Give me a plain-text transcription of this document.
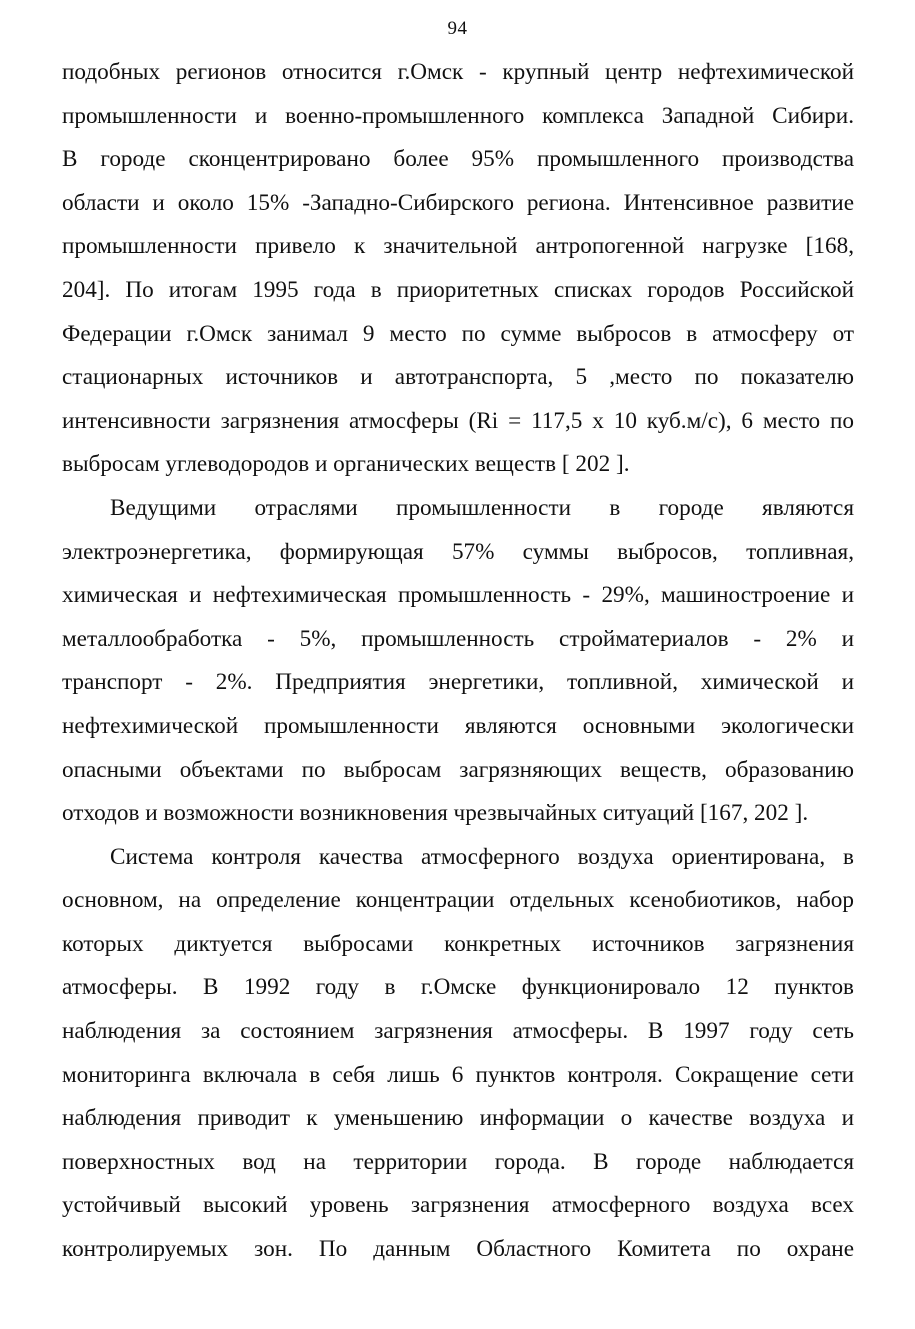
94
подобных регионов относится г.Омск - крупный центр нефтехимической
промышленности и военно-промышленного комплекса Западной Сибири.
В городе сконцентрировано более 95% промышленного производства
области и около 15% -Западно-Сибирского региона. Интенсивное развитие
промышленности привело к значительной антропогенной нагрузке [168,
204]. По итогам 1995 года в приоритетных списках городов Российской
Федерации г.Омск занимал 9 место по сумме выбросов в атмосферу от
стационарных источников и автотранспорта, 5 ,место по показателю
интенсивности загрязнения атмосферы (Ri = 117,5 х 10 куб.м/с), 6 место по
выбросам углеводородов и органических веществ [ 202 ].
Ведущими отраслями промышленности в городе являются
электроэнергетика, формирующая 57% суммы выбросов, топливная,
химическая и нефтехимическая промышленность - 29%, машиностроение и
металлообработка - 5%, промышленность стройматериалов - 2% и
транспорт - 2%. Предприятия энергетики, топливной, химической и
нефтехимической промышленности являются основными экологически
опасными объектами по выбросам загрязняющих веществ, образованию
отходов и возможности возникновения чрезвычайных ситуаций [167, 202 ].
Система контроля качества атмосферного воздуха ориентирована, в
основном, на определение концентрации отдельных ксенобиотиков, набор
которых диктуется выбросами конкретных источников загрязнения
атмосферы. В 1992 году в г.Омске функционировало 12 пунктов
наблюдения за состоянием загрязнения атмосферы. В 1997 году сеть
мониторинга включала в себя лишь 6 пунктов контроля. Сокращение сети
наблюдения приводит к уменьшению информации о качестве воздуха и
поверхностных вод на территории города. В городе наблюдается
устойчивый высокий уровень загрязнения атмосферного воздуха всех
контролируемых зон. По данным Областного Комитета по охране
